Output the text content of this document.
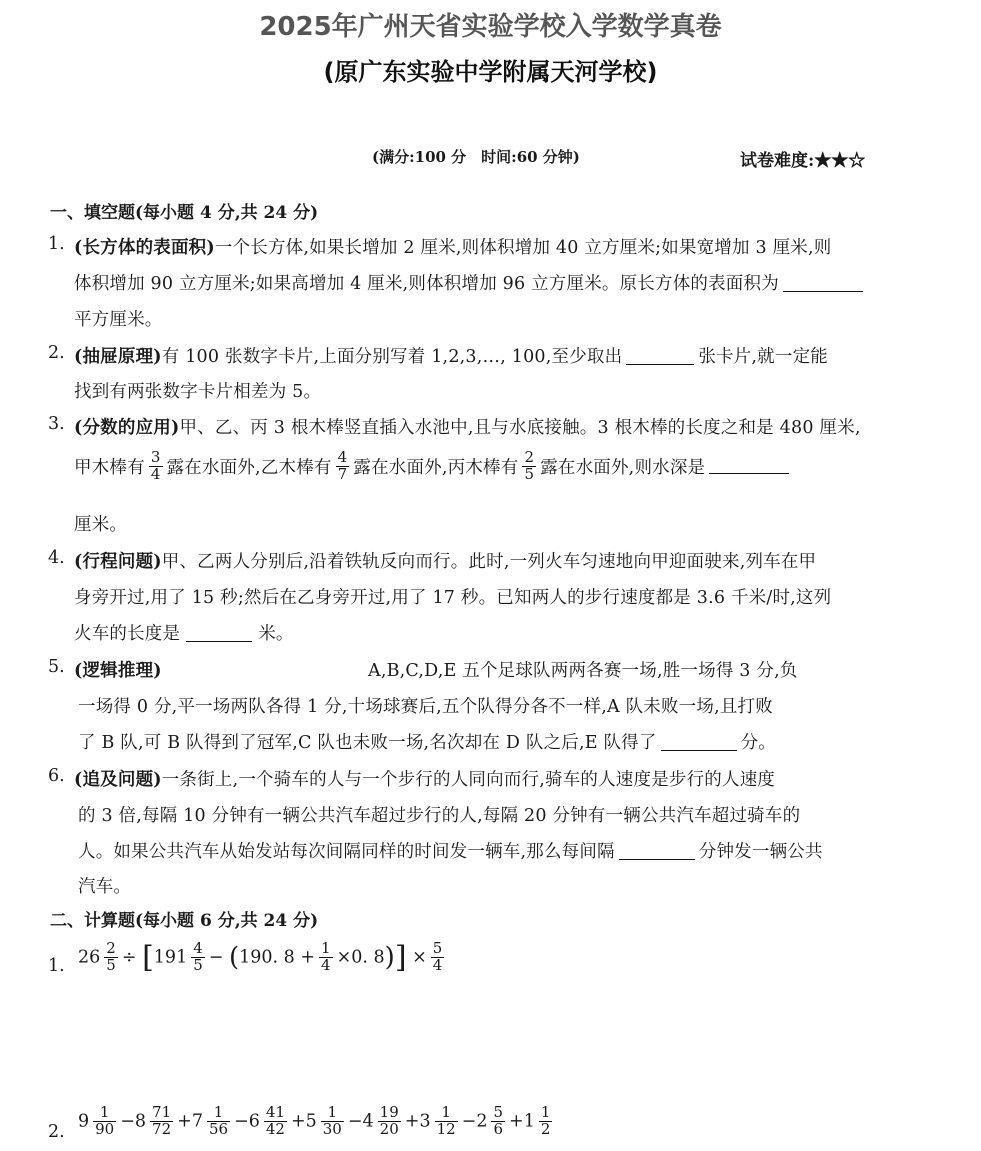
2025年广州天省实验学校入学数学真卷
(原广东实验中学附属天河学校)
(满分:100 分　时间:60 分钟)	试卷难度:★★☆
一、填空题(每小题 4 分,共 24 分)
1. (长方体的表面积)一个长方体,如果长增加 2 厘米,则体积增加 40 立方厘米;如果宽增加 3 厘米,则
体积增加 90 立方厘米;如果高增加 4 厘米,则体积增加 96 立方厘米。原长方体的表面积为
平方厘米。
2. (抽屉原理)有 100 张数字卡片,上面分别写着 1,2,3,…, 100,至少取出	张卡片,就一定能
找到有两张数字卡片相差为 5。
3. (分数的应用)甲、乙、丙 3 根木棒竖直插入水池中,且与水底接触。3 根木棒的长度之和是 480 厘米,
甲木棒有 $\frac{3}{4}$ 露在水面外,乙木棒有 $\frac{4}{7}$ 露在水面外,丙木棒有 $\frac{2}{5}$ 露在水面外,则水深是
厘米。
4. (行程问题)甲、乙两人分别后,沿着铁轨反向而行。此时,一列火车匀速地向甲迎面驶来,列车在甲
身旁开过,用了 15 秒;然后在乙身旁开过,用了 17 秒。已知两人的步行速度都是 3.6 千米/时,这列
火车的长度是	米。
5. (逻辑推理)	A,B,C,D,E 五个足球队两两各赛一场,胜一场得 3 分,负
一场得 0 分,平一场两队各得 1 分,十场球赛后,五个队得分各不一样,A 队未败一场,且打败
了 B 队,可 B 队得到了冠军,C 队也未败一场,名次却在 D 队之后,E 队得了	分。
6. (追及问题)一条街上,一个骑车的人与一个步行的人同向而行,骑车的人速度是步行的人速度
的 3 倍,每隔 10 分钟有一辆公共汽车超过步行的人,每隔 20 分钟有一辆公共汽车超过骑车的
人。如果公共汽车从始发站每次间隔同样的时间发一辆车,那么每间隔	分钟发一辆公共
汽车。
二、计算题(每小题 6 分,共 24 分)
1. $26 \frac{2}{5} \div [191 \frac{4}{5} - (190$. $8 + \frac{1}{4} \times 0$. $8)] \times \frac{5}{4}$
2.
$9 \frac{1}{90} -8 \frac{71}{72} +7 \frac{1}{56} -6 \frac{41}{42} +5 \frac{1}{30} -4 \frac{19}{20} +3 \frac{1}{12} -2 \frac{5}{6} +1 \frac{1}{2}$
